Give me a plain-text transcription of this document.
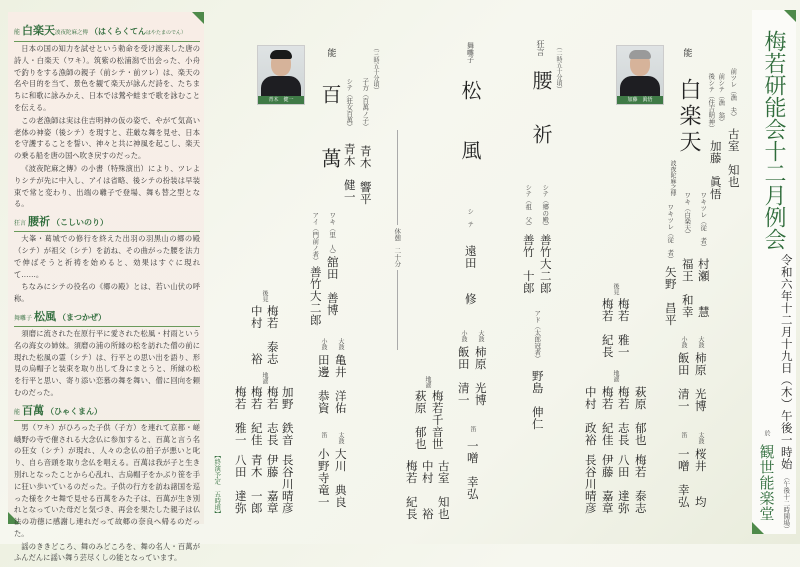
能 白楽天波夜陀麻之傳 （はくらくてんはやたまのでん）

日本の国の知力を試せという勅命を受け渡来した唐の詩人・白楽天（ワキ）。筑紫の松浦潟で出会った、小舟で釣りをする漁師の親子（前シテ・前ツレ）は、楽天の名や目的を当て、景色を観て楽天が詠んだ詩を、たちまちに和歌に詠みかえ、日本では鶯や蛙まで歌を詠むことを伝える。

この老漁師は実は住吉明神の仮の姿で、やがて気高い老体の神姿（後シテ）を現すと、荘厳な舞を見せ、日本を守護することを誓い、神々と共に神風を起こし、楽天の乗る船を唐の国へ吹き戻すのだった。

《波夜陀麻之傳》の小書（特殊演出）により、ツレよりシテが先に中入し、アイは省略、後シテの扮装は早装束で常と変わり、出端の囃子で登場、舞も替之型となる。

狂言 腰祈 （こしいのり）

大峯・葛城での修行を終えた出羽の羽黒山の郷の殿（シテ）が祖父（シテ）を訪ね、その曲がった腰を法力で伸ばそうと祈祷を始めると、効果はすぐに現れて……。

ちなみにシテの役名の《郷の殿》とは、若い山伏の呼称。

舞囃子 松風 （まつかぜ）

須磨に流された在原行平に愛された松風・村雨という名の海女の姉妹。須磨の浦の所縁の松を訪れた僧の前に現れた松風の霊（シテ）は、行平との思い出を語り、形見の烏帽子と装束を取り出して身にまとうと、所縁の松を行平と思い、寄り添い恋慕の舞を舞い、僧に回向を頼むのだった。

能 百萬 （ひゃくまん）

男（ワキ）がひろった子供（子方）を連れて京都・嵯峨野の寺で催される大念仏に参加すると、百萬と言う名の狂女（シテ）が現れ、人々の念仏の拍子が悪いと叱り、自ら音頭を取り念仏を唱える。百萬は我が子と生き別れとなったことから心乱れ、古烏帽子をかぶり笹を手に狂い歩いているのだった。子供の行方を訪ね諸国を巡った様をクセ舞で見せる百萬をみた子は、百萬が生き別れとなっていた母だと気づき、再会を果たした親子は仏法の功徳に感謝し連れだって故郷の奈良へ帰るのだった。

謡のききどころ、舞のみどころを、舞の名人・百萬がふんだんに謡い舞う芸尽くしの能となっています。

加藤　眞悟
青木　健一	梅若研能会十二月例会
令和六年十二月十九日（木）午後一時始
（午後十二時開場）
於
観世能楽堂
能
白楽天
波夜陀麻之傳
前ツレ（漁　夫）
古室　知也
前シテ（漁　翁）
後シテ（住吉明神）
加藤　眞悟
ワキツレ（従　者）
村瀬　　慧
ワキ（白楽天）
福王　和幸
ワキツレ（従　者）
矢野　昌平
大鼓
柿原　光博
小鼓
飯田　清一
太鼓
桜井　　均
笛
一噌　幸弘
後見
梅若　雅一
梅若　紀長
地謡
萩原　郁也
梅若　泰志
梅若　志長
八田　達弥
梅若　紀佳
伊藤　嘉章
中村　政裕
長谷川晴彦
（二時五十分頃）
狂言
腰祈
シテ（郷の殿）
善竹大二郎
シテ（祖　父）
善竹　十郎
アド（太郎冠者）
野島　伸仁
舞囃子
松風
シ　テ
遠田　　修
大鼓
柿原　光博
小鼓
飯田　清一
笛
一噌　幸弘
地謡
梅若千音世
萩原　郁也
古室　知也
中村　　裕
梅若　紀長
休憩　二十分
（三時五十分頃）
能
百萬	子方（百萬ノ子）
青木　響平
シテ（狂女百萬）
青木　健一
ワキ（里　人）
舘田　善博
アイ（門前ノ者）
善竹大二郎
大鼓
亀井　洋佑
小鼓
田邊　恭資
太鼓
大川　典良
笛
小野寺竜一
後見
梅若　泰志
中村　　裕
地謡
加野　鉄音
長谷川晴彦
梅若　志長
伊藤　嘉章
梅若　紀佳
青木　一郎
梅若　雅一
八田　達弥
【終演予定　五時頃】
